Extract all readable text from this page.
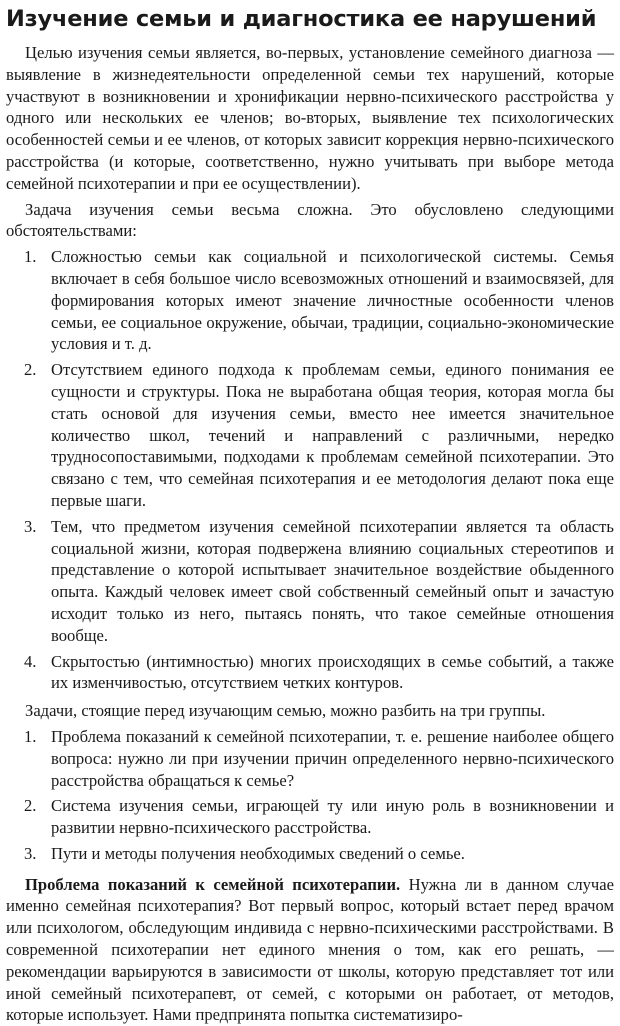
Изучение семьи и диагностика ее нарушений

Целью изучения семьи является, во-первых, установление семейного диагноза — выявление в жизнедеятельности определенной семьи тех нарушений, которые участвуют в возникновении и хронификации нервно-психического расстройства у одного или нескольких ее членов; во-вторых, выявление тех психологических особенностей семьи и ее членов, от которых зависит коррекция нервно-психического расстройства (и которые, соответственно, нужно учитывать при выборе метода семейной психотерапии и при ее осуществлении).

Задача изучения семьи весьма сложна. Это обусловлено следующими обстоятельствами:

1. Сложностью семьи как социальной и психологической системы. Семья включает в себя большое число всевозможных отношений и взаимосвязей, для формирования которых имеют значение личностные особенности членов семьи, ее социальное окружение, обычаи, традиции, социально-экономические условия и т. д.
2. Отсутствием единого подхода к проблемам семьи, единого понимания ее сущности и структуры. Пока не выработана общая теория, которая могла бы стать основой для изучения семьи, вместо нее имеется значительное количество школ, течений и направлений с различными, нередко трудносопоставимыми, подходами к проблемам семейной психотерапии. Это связано с тем, что семейная психотерапия и ее методология делают пока еще первые шаги.
3. Тем, что предметом изучения семейной психотерапии является та область социальной жизни, которая подвержена влиянию социальных стереотипов и представление о которой испытывает значительное воздействие обыденного опыта. Каждый человек имеет свой собственный семейный опыт и зачастую исходит только из него, пытаясь понять, что такое семейные отношения вообще.
4. Скрытостью (интимностью) многих происходящих в семье событий, а также их изменчивостью, отсутствием четких контуров.

Задачи, стоящие перед изучающим семью, можно разбить на три группы.

1. Проблема показаний к семейной психотерапии, т. е. решение наиболее общего вопроса: нужно ли при изучении причин определенного нервно-психического расстройства обращаться к семье?
2. Система изучения семьи, играющей ту или иную роль в возникновении и развитии нервно-психического расстройства.
3. Пути и методы получения необходимых сведений о семье.

Проблема показаний к семейной психотерапии. Нужна ли в данном случае именно семейная психотерапия? Вот первый вопрос, который встает перед врачом или психологом, обследующим индивида с нервно-психическими расстройствами. В современной психотерапии нет единого мнения о том, как его решать, — рекомендации варьируются в зависимости от школы, которую представляет тот или иной семейный психотерапевт, от семей, с которыми он работает, от методов, которые использует. Нами предпринята попытка систематизиро-
